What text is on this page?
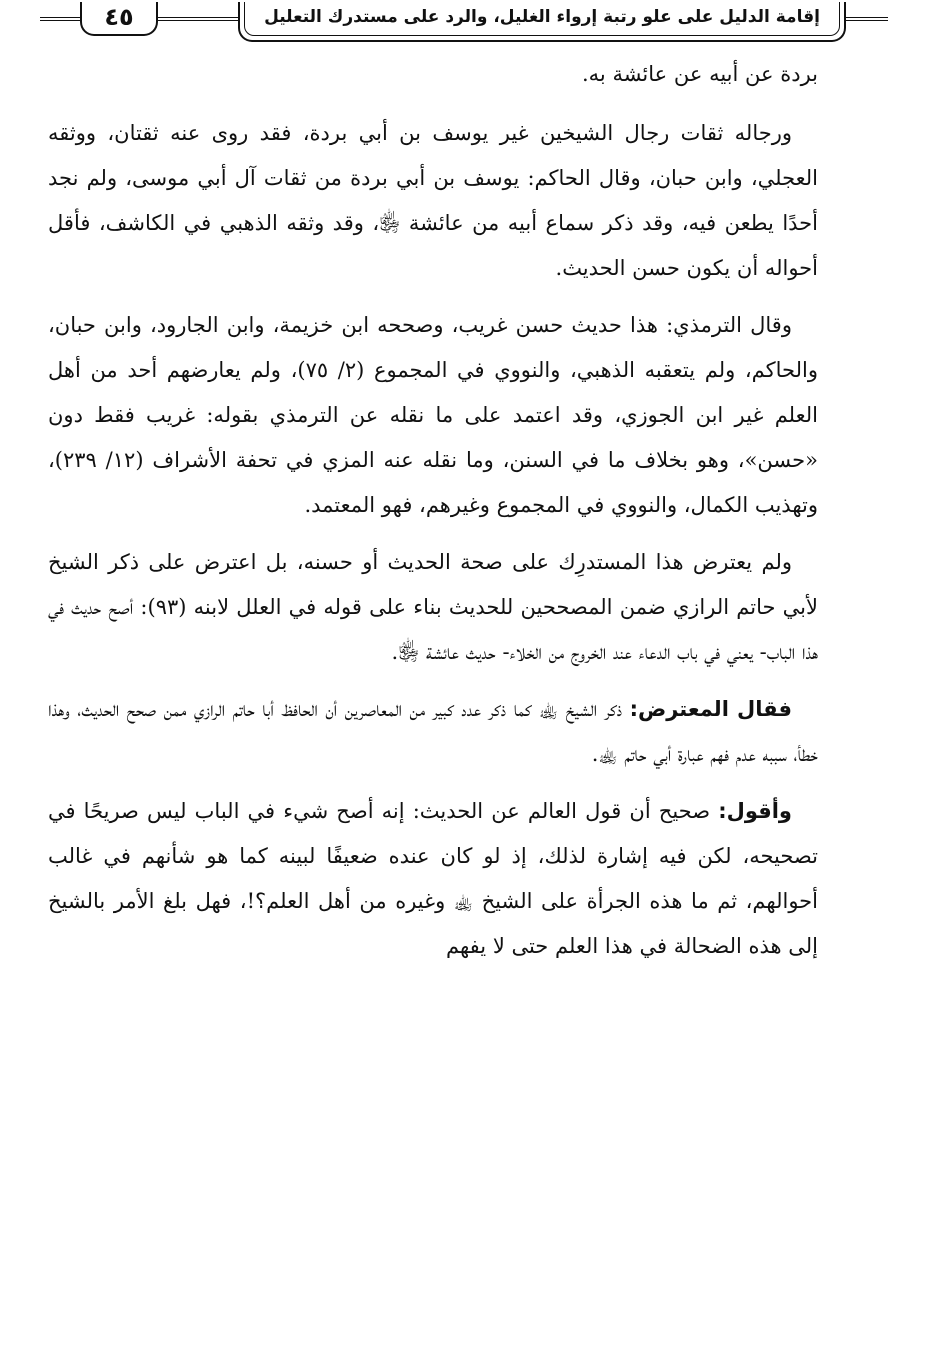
٤٥	إقامة الدليل على علو رتبة إرواء الغليل، والرد على مستدرك التعليل

بردة عن أبيه عن عائشة به.

ورجاله ثقات رجال الشيخين غير يوسف بن أبي بردة، فقد روى عنه ثقتان، ووثقه العجلي، وابن حبان، وقال الحاكم: يوسف بن أبي بردة من ثقات آل أبي موسى، ولم نجد أحدًا يطعن فيه، وقد ذكر سماع أبيه من عائشة ﵂، وقد وثقه الذهبي في الكاشف، فأقل أحواله أن يكون حسن الحديث.

وقال الترمذي: هذا حديث حسن غريب، وصححه ابن خزيمة، وابن الجارود، وابن حبان، والحاكم، ولم يتعقبه الذهبي، والنووي في المجموع (٢/ ٧٥)، ولم يعارضهم أحد من أهل العلم غير ابن الجوزي، وقد اعتمد على ما نقله عن الترمذي بقوله: غريب فقط دون «حسن»، وهو بخلاف ما في السنن، وما نقله عنه المزي في تحفة الأشراف (١٢/ ٢٣٩)، وتهذيب الكمال، والنووي في المجموع وغيرهم، فهو المعتمد.

ولم يعترض هذا المستدرِك على صحة الحديث أو حسنه، بل اعترض على ذكر الشيخ لأبي حاتم الرازي ضمن المصححين للحديث بناء على قوله في العلل لابنه (٩٣): أصح حديث في هذا الباب- يعني في باب الدعاء عند الخروج من الخلاء- حديث عائشة ﵂.

فقال المعترض: ذكر الشيخ ﵀ كما ذكر عدد كبير من المعاصرين أن الحافظ أبا حاتم الرازي ممن صحح الحديث، وهذا خطأ، سببه عدم فهم عبارة أبي حاتم ﵀.

وأقول: صحيح أن قول العالم عن الحديث: إنه أصح شيء في الباب ليس صريحًا في تصحيحه، لكن فيه إشارة لذلك، إذ لو كان عنده ضعيفًا لبينه كما هو شأنهم في غالب أحوالهم، ثم ما هذه الجرأة على الشيخ ﵀ وغيره من أهل العلم؟!، فهل بلغ الأمر بالشيخ إلى هذه الضحالة في هذا العلم حتى لا يفهم
